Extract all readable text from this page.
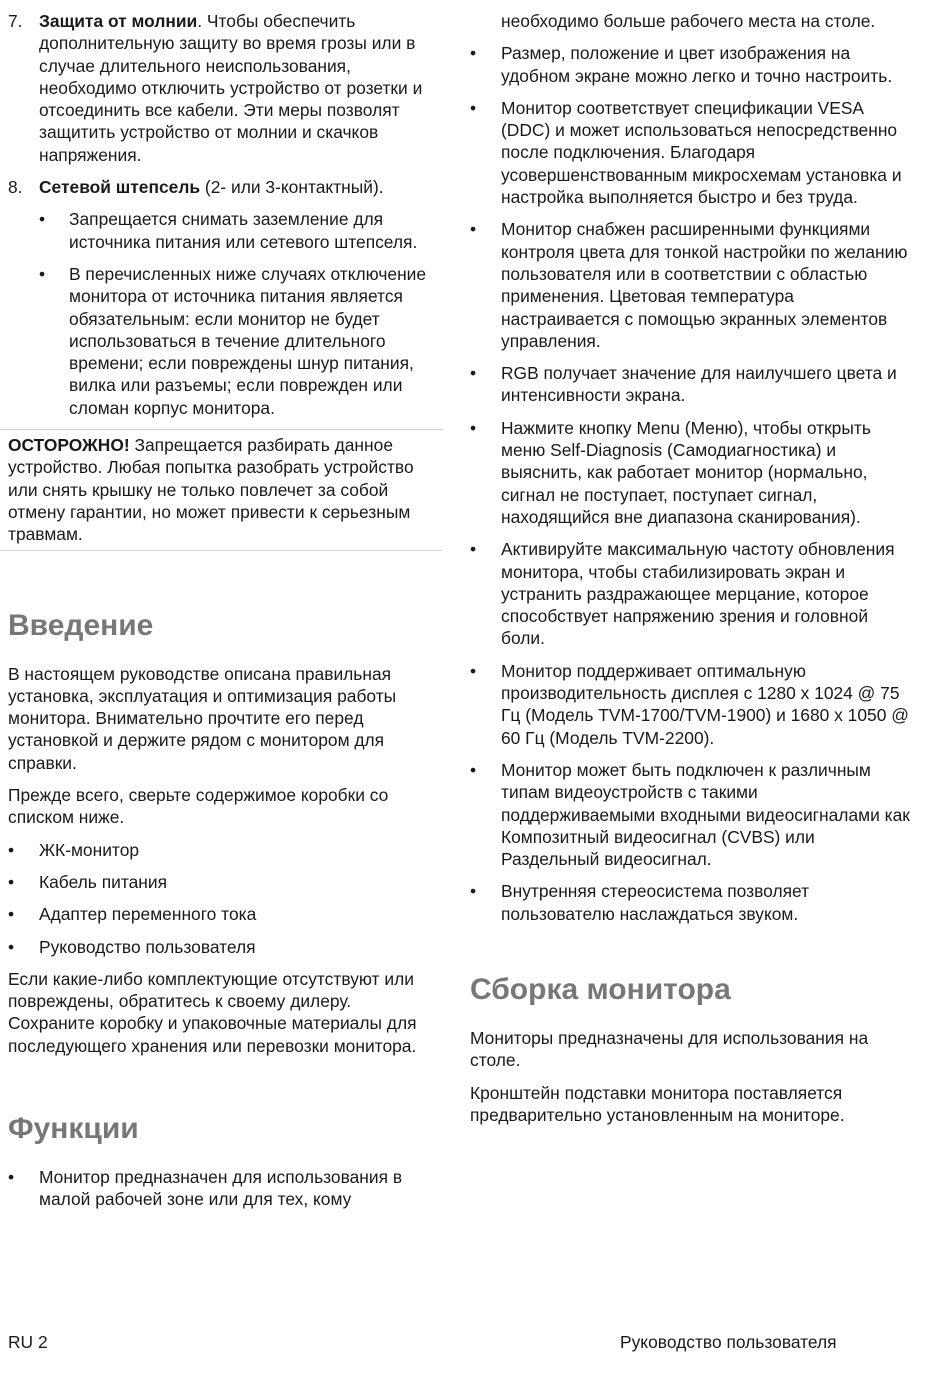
7. Защита от молнии. Чтобы обеспечить дополнительную защиту во время грозы или в случае длительного неиспользования, необходимо отключить устройство от розетки и отсоединить все кабели. Эти меры позволят защитить устройство от молнии и скачков напряжения.

8. Сетевой штепсель (2- или 3-контактный).

•	Запрещается снимать заземление для источника питания или сетевого штепселя.

•	В перечисленных ниже случаях отключение монитора от источника питания является обязательным: если монитор не будет использоваться в течение длительного времени; если повреждены шнур питания, вилка или разъемы; если поврежден или сломан корпус монитора.

ОСТОРОЖНО! Запрещается разбирать данное устройство. Любая попытка разобрать устройство или снять крышку не только повлечет за собой отмену гарантии, но может привести к серьезным травмам.

Введение

В настоящем руководстве описана правильная установка, эксплуатация и оптимизация работы монитора. Внимательно прочтите его перед установкой и держите рядом с монитором для справки.

Прежде всего, сверьте содержимое коробки со списком ниже.

•	ЖК-монитор

•	Кабель питания

•	Адаптер переменного тока

•	Руководство пользователя

Если какие-либо комплектующие отсутствуют или повреждены, обратитесь к своему дилеру. Сохраните коробку и упаковочные материалы для последующего хранения или перевозки монитора.

Функции
•	Монитор предназначен для использования в малой рабочей зоне или для тех, кому

необходимо больше рабочего места на столе.

•	Размер, положение и цвет изображения на удобном экране можно легко и точно настроить.

•	Монитор соответствует спецификации VESA (DDC) и может использоваться непосредственно после подключения. Благодаря усовершенствованным микросхемам установка и настройка выполняется быстро и без труда.

•	Монитор снабжен расширенными функциями контроля цвета для тонкой настройки по желанию пользователя или в соответствии с областью применения. Цветовая температура настраивается с помощью экранных элементов управления.

•	RGB получает значение для наилучшего цвета и интенсивности экрана.

•	Нажмите кнопку Menu (Меню), чтобы открыть меню Self-Diagnosis (Самодиагностика) и выяснить, как работает монитор (нормально, сигнал не поступает, поступает сигнал, находящийся вне диапазона сканирования).

•	Активируйте максимальную частоту обновления монитора, чтобы стабилизировать экран и устранить раздражающее мерцание, которое способствует напряжению зрения и головной боли.

•	Монитор поддерживает оптимальную производительность дисплея с 1280 x 1024 @ 75 Гц (Модель TVM-1700/TVM-1900) и 1680 x 1050 @ 60 Гц (Модель TVM-2200).

•	Монитор может быть подключен к различным типам видеоустройств с такими поддерживаемыми входными видеосигналами как Композитный видеосигнал (CVBS) или Раздельный видеосигнал.

•	Внутренняя стереосистема позволяет пользователю наслаждаться звуком.

Сборка монитора

Мониторы предназначены для использования на столе.

Кронштейн подставки монитора поставляется предварительно установленным на мониторе.

RU 2	Руководство пользователя
